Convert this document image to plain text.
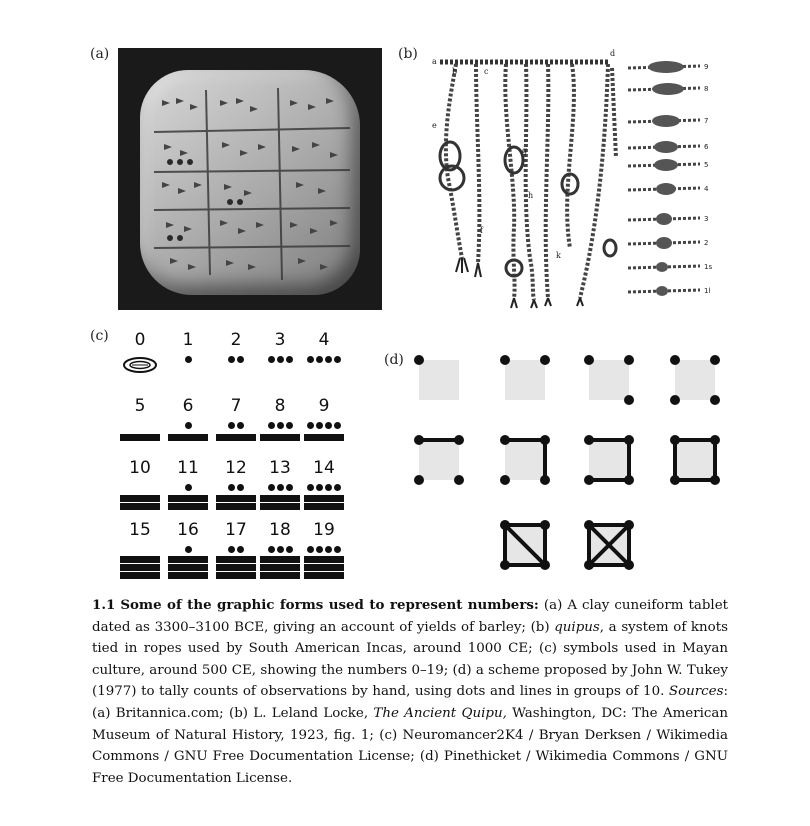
(a)	(b)
(c)
(d)
a
b	c
d
e
f
g
h
k
9
8
7
6
5
4
3
2
1s
1l
0	1	2	3	4
5	6	7	8	9
10	11	12	13	14
15	16	17	18	19
1.1 Some of the graphic forms used to represent numbers: (a) A clay cuneiform tablet dated as 3300–3100 BCE, giving an account of yields of barley; (b) quipus, a system of knots tied in ropes used by South American Incas, around 1000 CE; (c) symbols used in Mayan culture, around 500 CE, showing the numbers 0–19; (d) a scheme proposed by John W. Tukey (1977) to tally counts of observations by hand, using dots and lines in groups of 10. Sources: (a) Britannica.com; (b) L. Leland Locke, The Ancient Quipu, Washington, DC: The American Museum of Natural History, 1923, fig. 1; (c) Neuromancer2K4 / Bryan Derksen / Wikimedia Commons / GNU Free Documentation License; (d) Pinethicket / Wikimedia Commons / GNU Free Documentation License.
